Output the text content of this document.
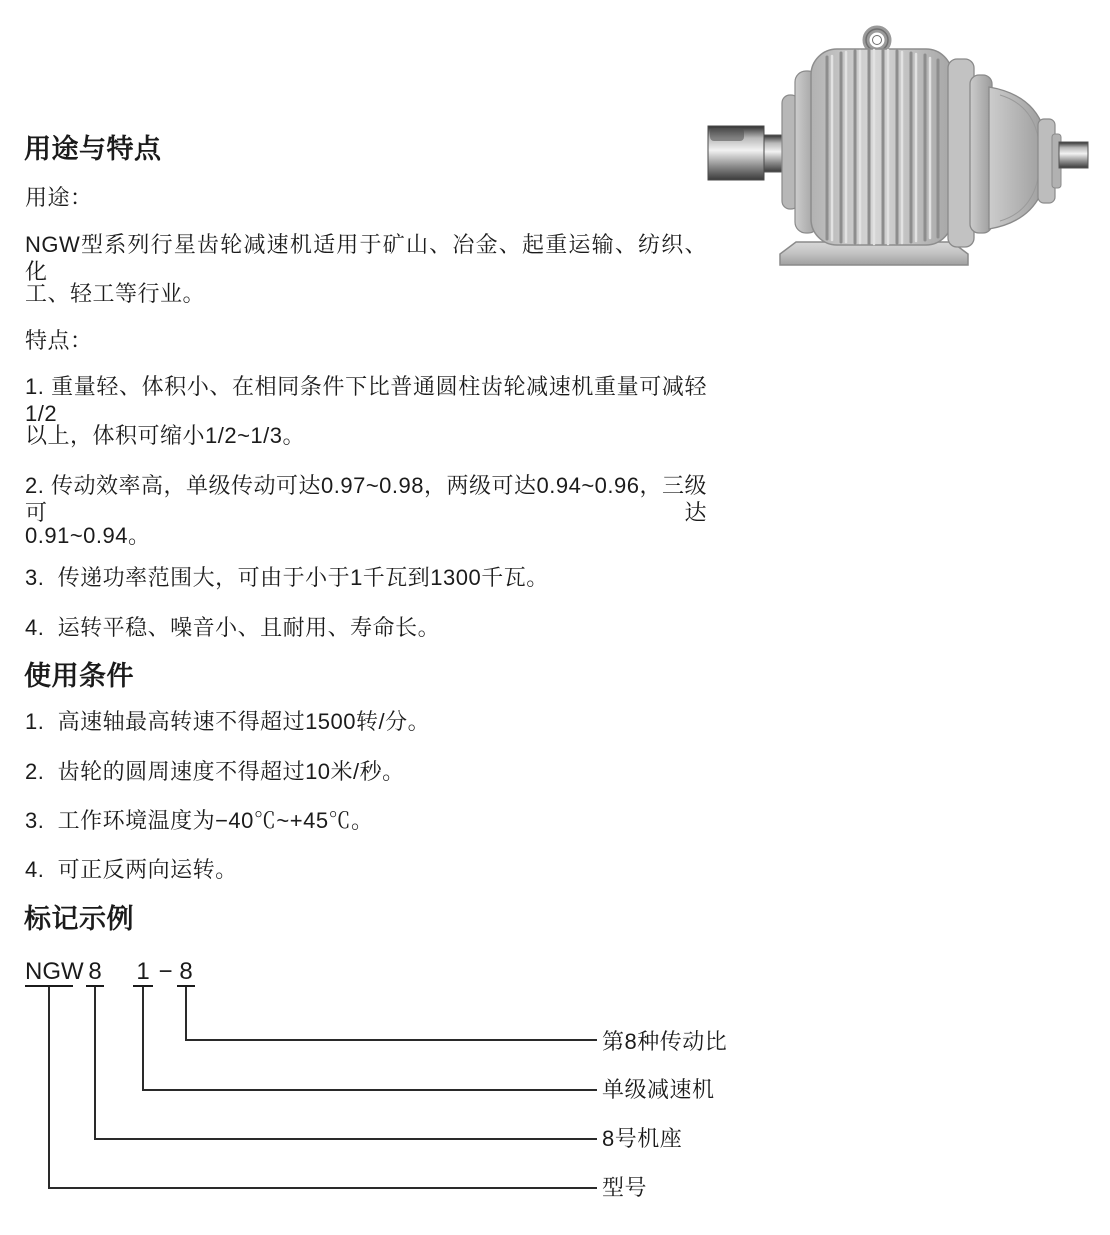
用途与特点
用途：
NGW型系列行星齿轮减速机适用于矿山、冶金、起重运输、纺织、化
工、轻工等行业。
特点：
1. 重量轻、体积小、在相同条件下比普通圆柱齿轮减速机重量可减轻1/2
以上，体积可缩小1/2~1/3。
2. 传动效率高，单级传动可达0.97~0.98，两级可达0.94~0.96，三级可达
0.91~0.94。
3.  传递功率范围大，可由于小于1千瓦到1300千瓦。
4.  运转平稳、噪音小、且耐用、寿命长。
使用条件
1.  高速轴最高转速不得超过1500转/分。
2.  齿轮的圆周速度不得超过10米/秒。
3.  工作环境温度为−40℃~+45℃。
4.  可正反两向运转。
标记示例
NGW 8 1 − 8
第8种传动比
单级减速机
8号机座
型号
